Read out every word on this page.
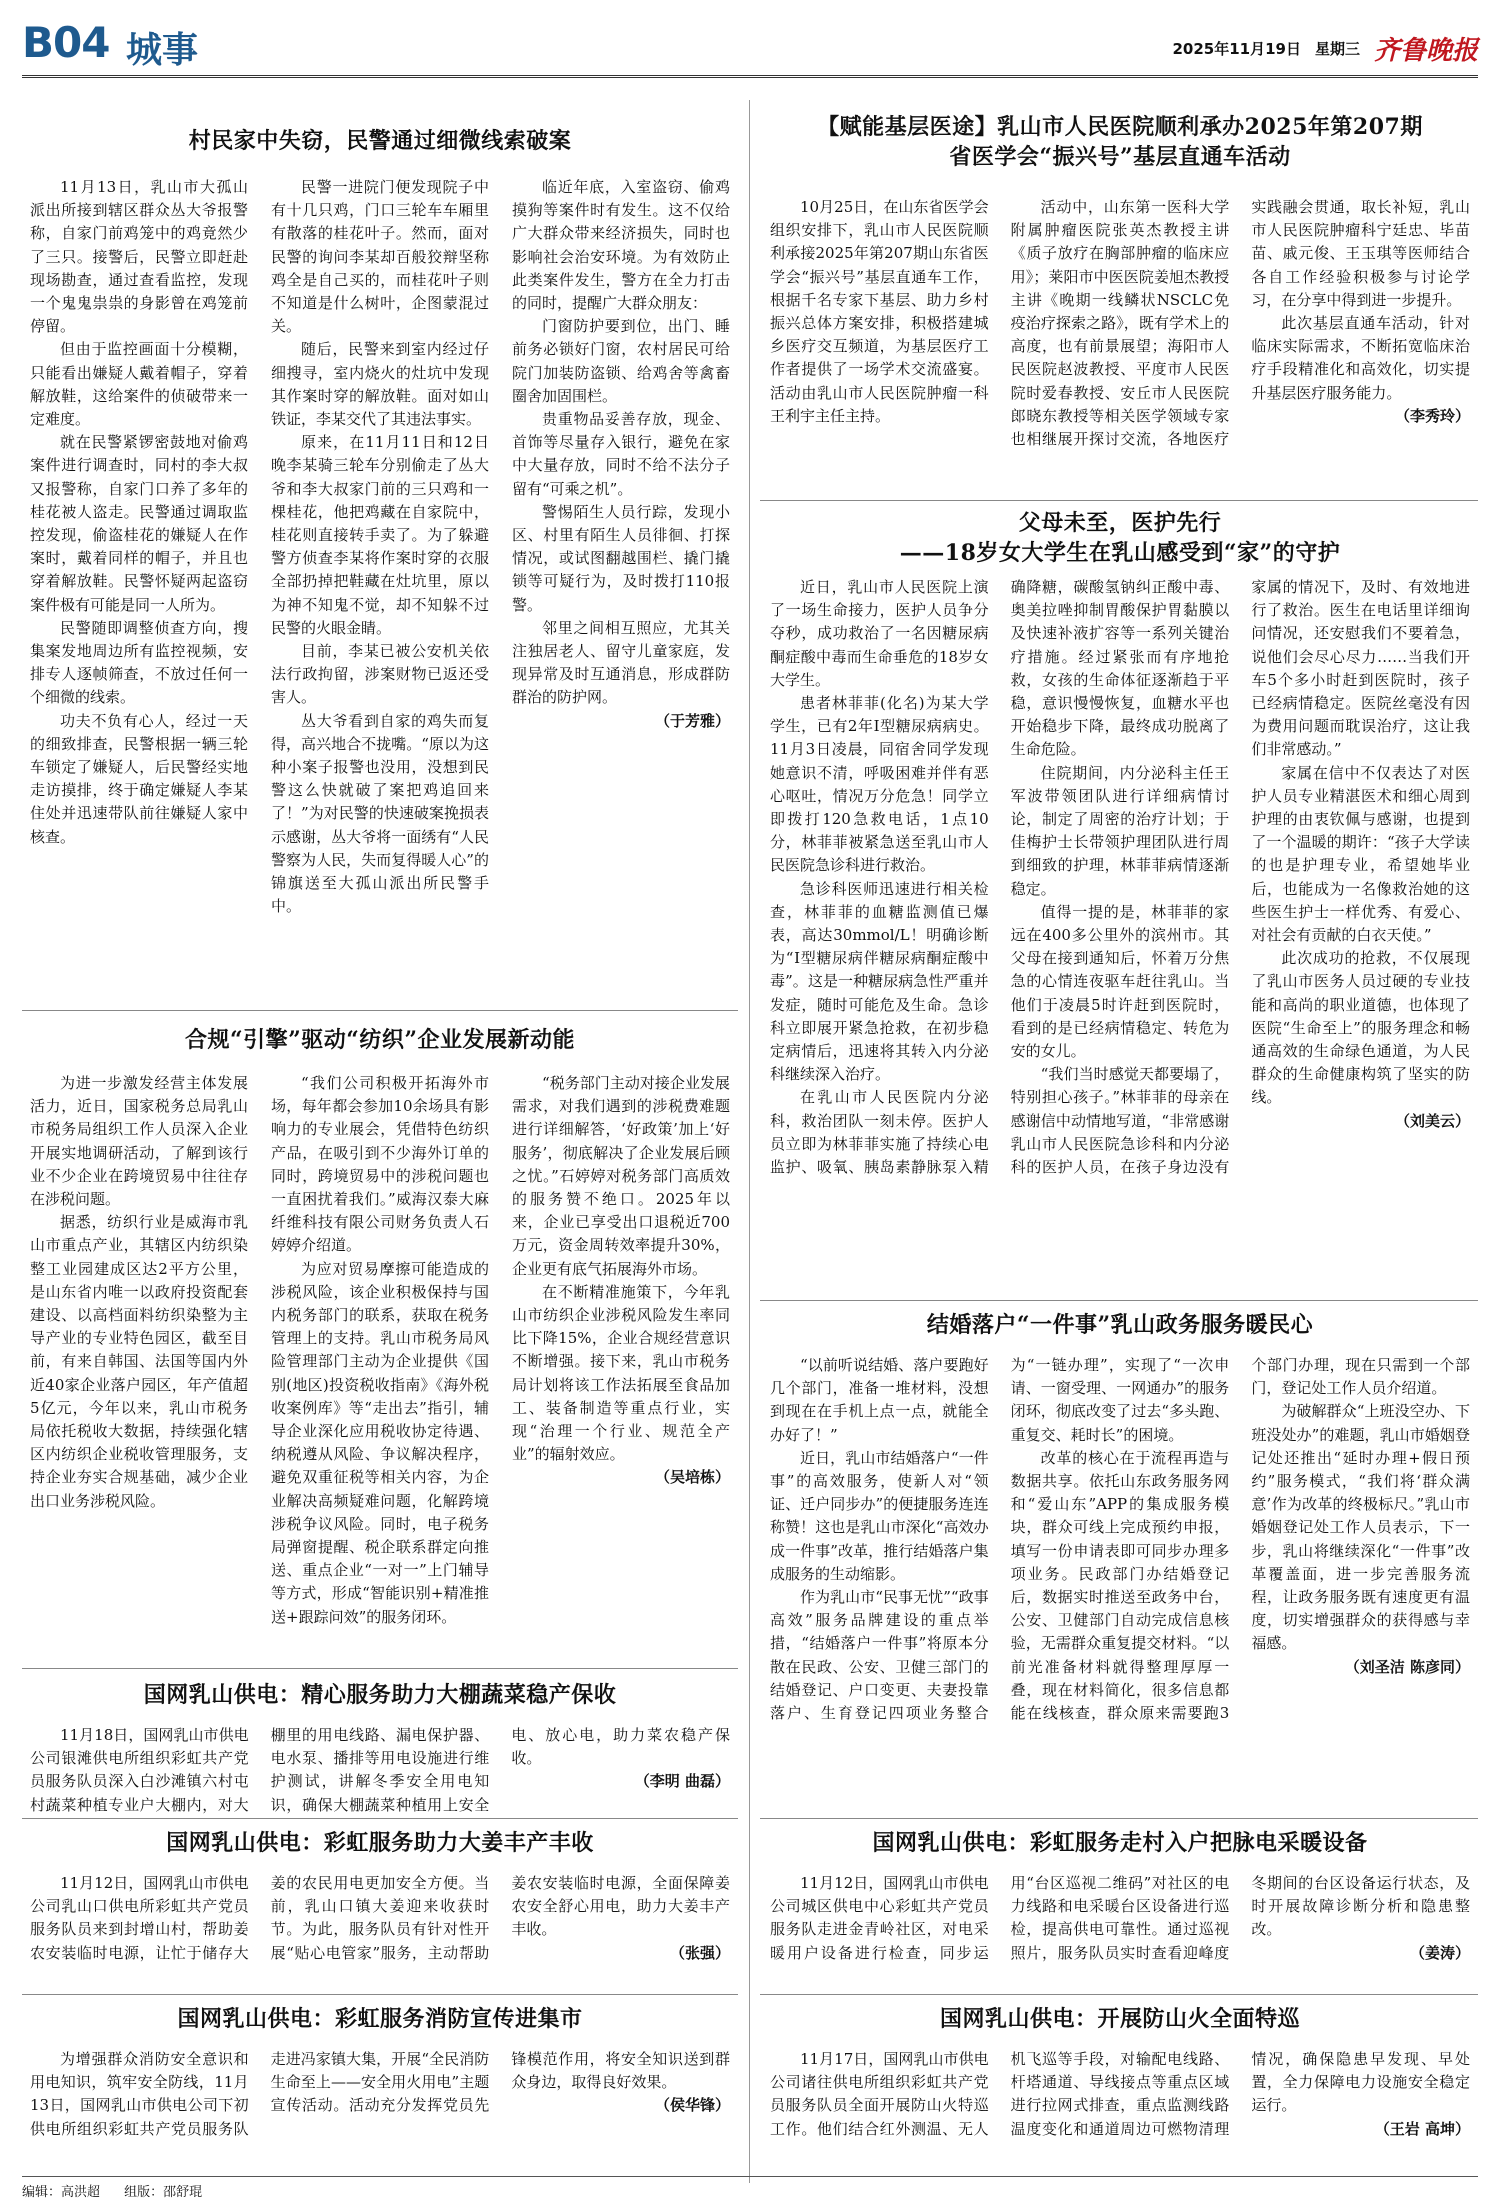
B04 城事	2025年11月19日 星期三 齐鲁晚报
村民家中失窃，民警通过细微线索破案

11月13日，乳山市大孤山派出所接到辖区群众丛大爷报警称，自家门前鸡笼中的鸡竟然少了三只。接警后，民警立即赶赴现场勘查，通过查看监控，发现一个鬼鬼祟祟的身影曾在鸡笼前停留。

但由于监控画面十分模糊，只能看出嫌疑人戴着帽子，穿着解放鞋，这给案件的侦破带来一定难度。

就在民警紧锣密鼓地对偷鸡案件进行调查时，同村的李大叔又报警称，自家门口养了多年的桂花被人盗走。民警通过调取监控发现，偷盗桂花的嫌疑人在作案时，戴着同样的帽子，并且也穿着解放鞋。民警怀疑两起盗窃案件极有可能是同一人所为。

民警随即调整侦查方向，搜集案发地周边所有监控视频，安排专人逐帧筛查，不放过任何一个细微的线索。

功夫不负有心人，经过一天的细致排查，民警根据一辆三轮车锁定了嫌疑人，后民警经实地走访摸排，终于确定嫌疑人李某住处并迅速带队前往嫌疑人家中核查。

民警一进院门便发现院子中有十几只鸡，门口三轮车车厢里有散落的桂花叶子。然而，面对民警的询问李某却百般狡辩坚称鸡全是自己买的，而桂花叶子则不知道是什么树叶，企图蒙混过关。

随后，民警来到室内经过仔细搜寻，室内烧火的灶坑中发现其作案时穿的解放鞋。面对如山铁证，李某交代了其违法事实。

原来，在11月11日和12日晚李某骑三轮车分别偷走了丛大爷和李大叔家门前的三只鸡和一棵桂花，他把鸡藏在自家院中，桂花则直接转手卖了。为了躲避警方侦查李某将作案时穿的衣服全部扔掉把鞋藏在灶坑里，原以为神不知鬼不觉，却不知躲不过民警的火眼金睛。

目前，李某已被公安机关依法行政拘留，涉案财物已返还受害人。

丛大爷看到自家的鸡失而复得，高兴地合不拢嘴。“原以为这种小案子报警也没用，没想到民警这么快就破了案把鸡追回来了！”为对民警的快速破案挽损表示感谢，丛大爷将一面绣有“人民警察为人民，失而复得暖人心”的锦旗送至大孤山派出所民警手中。

临近年底，入室盗窃、偷鸡摸狗等案件时有发生。这不仅给广大群众带来经济损失，同时也影响社会治安环境。为有效防止此类案件发生，警方在全力打击的同时，提醒广大群众朋友：

门窗防护要到位，出门、睡前务必锁好门窗，农村居民可给院门加装防盗锁、给鸡舍等禽畜圈舍加固围栏。

贵重物品妥善存放，现金、首饰等尽量存入银行，避免在家中大量存放，同时不给不法分子留有“可乘之机”。

警惕陌生人员行踪，发现小区、村里有陌生人员徘徊、打探情况，或试图翻越围栏、撬门撬锁等可疑行为，及时拨打110报警。

邻里之间相互照应，尤其关注独居老人、留守儿童家庭，发现异常及时互通消息，形成群防群治的防护网。

（于芳雅）

合规“引擎”驱动“纺织”企业发展新动能

为进一步激发经营主体发展活力，近日，国家税务总局乳山市税务局组织工作人员深入企业开展实地调研活动，了解到该行业不少企业在跨境贸易中往往存在涉税问题。

据悉，纺织行业是威海市乳山市重点产业，其辖区内纺织染整工业园建成区达2平方公里，是山东省内唯一以政府投资配套建设、以高档面料纺织染整为主导产业的专业特色园区，截至目前，有来自韩国、法国等国内外近40家企业落户园区，年产值超5亿元，今年以来，乳山市税务局依托税收大数据，持续强化辖区内纺织企业税收管理服务，支持企业夯实合规基础，减少企业出口业务涉税风险。

“我们公司积极开拓海外市场，每年都会参加10余场具有影响力的专业展会，凭借特色纺织产品，在吸引到不少海外订单的同时，跨境贸易中的涉税问题也一直困扰着我们。”威海汉泰大麻纤维科技有限公司财务负责人石婷婷介绍道。

为应对贸易摩擦可能造成的涉税风险，该企业积极保持与国内税务部门的联系，获取在税务管理上的支持。乳山市税务局风险管理部门主动为企业提供《国别(地区)投资税收指南》《海外税收案例库》等“走出去”指引，辅导企业深化应用税收协定待遇、纳税遵从风险、争议解决程序，避免双重征税等相关内容，为企业解决高频疑难问题，化解跨境涉税争议风险。同时，电子税务局弹窗提醒、税企联系群定向推送、重点企业“一对一”上门辅导等方式，形成“智能识别+精准推送+跟踪问效”的服务闭环。

“税务部门主动对接企业发展需求，对我们遇到的涉税费难题进行详细解答，‘好政策’加上‘好服务’，彻底解决了企业发展后顾之忧。”石婷婷对税务部门高质效的服务赞不绝口。2025年以来，企业已享受出口退税近700万元，资金周转效率提升30%，企业更有底气拓展海外市场。

在不断精准施策下，今年乳山市纺织企业涉税风险发生率同比下降15%，企业合规经营意识不断增强。接下来，乳山市税务局计划将该工作法拓展至食品加工、装备制造等重点行业，实现“治理一个行业、规范全产业”的辐射效应。

（吴培栋）

国网乳山供电：精心服务助力大棚蔬菜稳产保收

11月18日，国网乳山市供电公司银滩供电所组织彩虹共产党员服务队员深入白沙滩镇六村屯村蔬菜种植专业户大棚内，对大棚里的用电线路、漏电保护器、电水泵、播排等用电设施进行维护测试，讲解冬季安全用电知识，确保大棚蔬菜种植用上安全电、放心电，助力菜农稳产保收。

（李明 曲磊）

国网乳山供电：彩虹服务助力大姜丰产丰收

11月12日，国网乳山市供电公司乳山口供电所彩虹共产党员服务队员来到封增山村，帮助姜农安装临时电源，让忙于储存大姜的农民用电更加安全方便。当前，乳山口镇大姜迎来收获时节。为此，服务队员有针对性开展“贴心电管家”服务，主动帮助姜农安装临时电源，全面保障姜农安全舒心用电，助力大姜丰产丰收。

（张强）

国网乳山供电：彩虹服务消防宣传进集市

为增强群众消防安全意识和用电知识，筑牢安全防线，11月13日，国网乳山市供电公司下初供电所组织彩虹共产党员服务队走进冯家镇大集，开展“全民消防 生命至上——安全用火用电”主题宣传活动。活动充分发挥党员先锋模范作用，将安全知识送到群众身边，取得良好效果。

（侯华锋）

【赋能基层医途】乳山市人民医院顺利承办2025年第207期
省医学会“振兴号”基层直通车活动

10月25日，在山东省医学会组织安排下，乳山市人民医院顺利承接2025年第207期山东省医学会“振兴号”基层直通车工作，根据千名专家下基层、助力乡村振兴总体方案安排，积极搭建城乡医疗交互频道，为基层医疗工作者提供了一场学术交流盛宴。活动由乳山市人民医院肿瘤一科王利宇主任主持。

活动中，山东第一医科大学附属肿瘤医院张英杰教授主讲《质子放疗在胸部肿瘤的临床应用》；莱阳市中医医院姜旭杰教授主讲《晚期一线鳞状NSCLC免疫治疗探索之路》，既有学术上的高度，也有前景展望；海阳市人民医院赵波教授、平度市人民医院时爱春教授、安丘市人民医院郎晓东教授等相关医学领域专家也相继展开探讨交流，各地医疗实践融会贯通，取长补短，乳山市人民医院肿瘤科宁廷忠、毕苗苗、戚元俊、王玉琪等医师结合各自工作经验积极参与讨论学习，在分享中得到进一步提升。

此次基层直通车活动，针对临床实际需求，不断拓宽临床治疗手段精准化和高效化，切实提升基层医疗服务能力。

（李秀玲）

父母未至，医护先行
——18岁女大学生在乳山感受到“家”的守护

近日，乳山市人民医院上演了一场生命接力，医护人员争分夺秒，成功救治了一名因糖尿病酮症酸中毒而生命垂危的18岁女大学生。

患者林菲菲(化名)为某大学学生，已有2年Ⅰ型糖尿病病史。11月3日凌晨，同宿舍同学发现她意识不清，呼吸困难并伴有恶心呕吐，情况万分危急！同学立即拨打120急救电话，1点10分，林菲菲被紧急送至乳山市人民医院急诊科进行救治。

急诊科医师迅速进行相关检查，林菲菲的血糖监测值已爆表，高达30mmol/L！明确诊断为“Ⅰ型糖尿病伴糖尿病酮症酸中毒”。这是一种糖尿病急性严重并发症，随时可能危及生命。急诊科立即展开紧急抢救，在初步稳定病情后，迅速将其转入内分泌科继续深入治疗。

在乳山市人民医院内分泌科，救治团队一刻未停。医护人员立即为林菲菲实施了持续心电监护、吸氧、胰岛素静脉泵入精确降糖，碳酸氢钠纠正酸中毒、奥美拉唑抑制胃酸保护胃黏膜以及快速补液扩容等一系列关键治疗措施。经过紧张而有序地抢救，女孩的生命体征逐渐趋于平稳，意识慢慢恢复，血糖水平也开始稳步下降，最终成功脱离了生命危险。

住院期间，内分泌科主任王军波带领团队进行详细病情讨论，制定了周密的治疗计划；于佳梅护士长带领护理团队进行周到细致的护理，林菲菲病情逐渐稳定。

值得一提的是，林菲菲的家远在400多公里外的滨州市。其父母在接到通知后，怀着万分焦急的心情连夜驱车赶往乳山。当他们于凌晨5时许赶到医院时，看到的是已经病情稳定、转危为安的女儿。

“我们当时感觉天都要塌了，特别担心孩子。”林菲菲的母亲在感谢信中动情地写道，“非常感谢乳山市人民医院急诊科和内分泌科的医护人员，在孩子身边没有家属的情况下，及时、有效地进行了救治。医生在电话里详细询问情况，还安慰我们不要着急，说他们会尽心尽力……当我们开车5个多小时赶到医院时，孩子已经病情稳定。医院丝毫没有因为费用问题而耽误治疗，这让我们非常感动。”

家属在信中不仅表达了对医护人员专业精湛医术和细心周到护理的由衷钦佩与感谢，也提到了一个温暖的期许：“孩子大学读的也是护理专业，希望她毕业后，也能成为一名像救治她的这些医生护士一样优秀、有爱心、对社会有贡献的白衣天使。”

此次成功的抢救，不仅展现了乳山市医务人员过硬的专业技能和高尚的职业道德，也体现了医院“生命至上”的服务理念和畅通高效的生命绿色通道，为人民群众的生命健康构筑了坚实的防线。

（刘美云）

结婚落户“一件事”乳山政务服务暖民心

“以前听说结婚、落户要跑好几个部门，准备一堆材料，没想到现在在手机上点一点，就能全办好了！”

近日，乳山市结婚落户“一件事”的高效服务，使新人对“领证、迁户同步办”的便捷服务连连称赞！这也是乳山市深化“高效办成一件事”改革，推行结婚落户集成服务的生动缩影。

作为乳山市“民事无忧”“政事高效”服务品牌建设的重点举措，“结婚落户一件事”将原本分散在民政、公安、卫健三部门的结婚登记、户口变更、夫妻投靠落户、生育登记四项业务整合为“一链办理”，实现了“一次申请、一窗受理、一网通办”的服务闭环，彻底改变了过去“多头跑、重复交、耗时长”的困境。

改革的核心在于流程再造与数据共享。依托山东政务服务网和“爱山东”APP的集成服务模块，群众可线上完成预约申报，填写一份申请表即可同步办理多项业务。民政部门办结婚登记后，数据实时推送至政务中台，公安、卫健部门自动完成信息核验，无需群众重复提交材料。“以前光准备材料就得整理厚厚一叠，现在材料简化，很多信息都能在线核查，群众原来需要跑3个部门办理，现在只需到一个部门，登记处工作人员介绍道。

为破解群众“上班没空办、下班没处办”的难题，乳山市婚姻登记处还推出“延时办理+假日预约”服务模式，“我们将‘群众满意’作为改革的终极标尺。”乳山市婚姻登记处工作人员表示，下一步，乳山将继续深化“一件事”改革覆盖面，进一步完善服务流程，让政务服务既有速度更有温度，切实增强群众的获得感与幸福感。

（刘圣洁 陈彦同）

国网乳山供电：彩虹服务走村入户把脉电采暖设备

11月12日，国网乳山市供电公司城区供电中心彩虹共产党员服务队走进金青岭社区，对电采暖用户设备进行检查，同步运用“台区巡视二维码”对社区的电力线路和电采暖台区设备进行巡检，提高供电可靠性。通过巡视照片，服务队员实时查看迎峰度冬期间的台区设备运行状态，及时开展故障诊断分析和隐患整改。

（姜涛）

国网乳山供电：开展防山火全面特巡

11月17日，国网乳山市供电公司诸往供电所组织彩虹共产党员服务队员全面开展防山火特巡工作。他们结合红外测温、无人机飞巡等手段，对输配电线路、杆塔通道、导线接点等重点区域进行拉网式排查，重点监测线路温度变化和通道周边可燃物清理情况，确保隐患早发现、早处置，全力保障电力设施安全稳定运行。

（王岩 高坤）

编辑：高洪超 组版：邵舒琨
